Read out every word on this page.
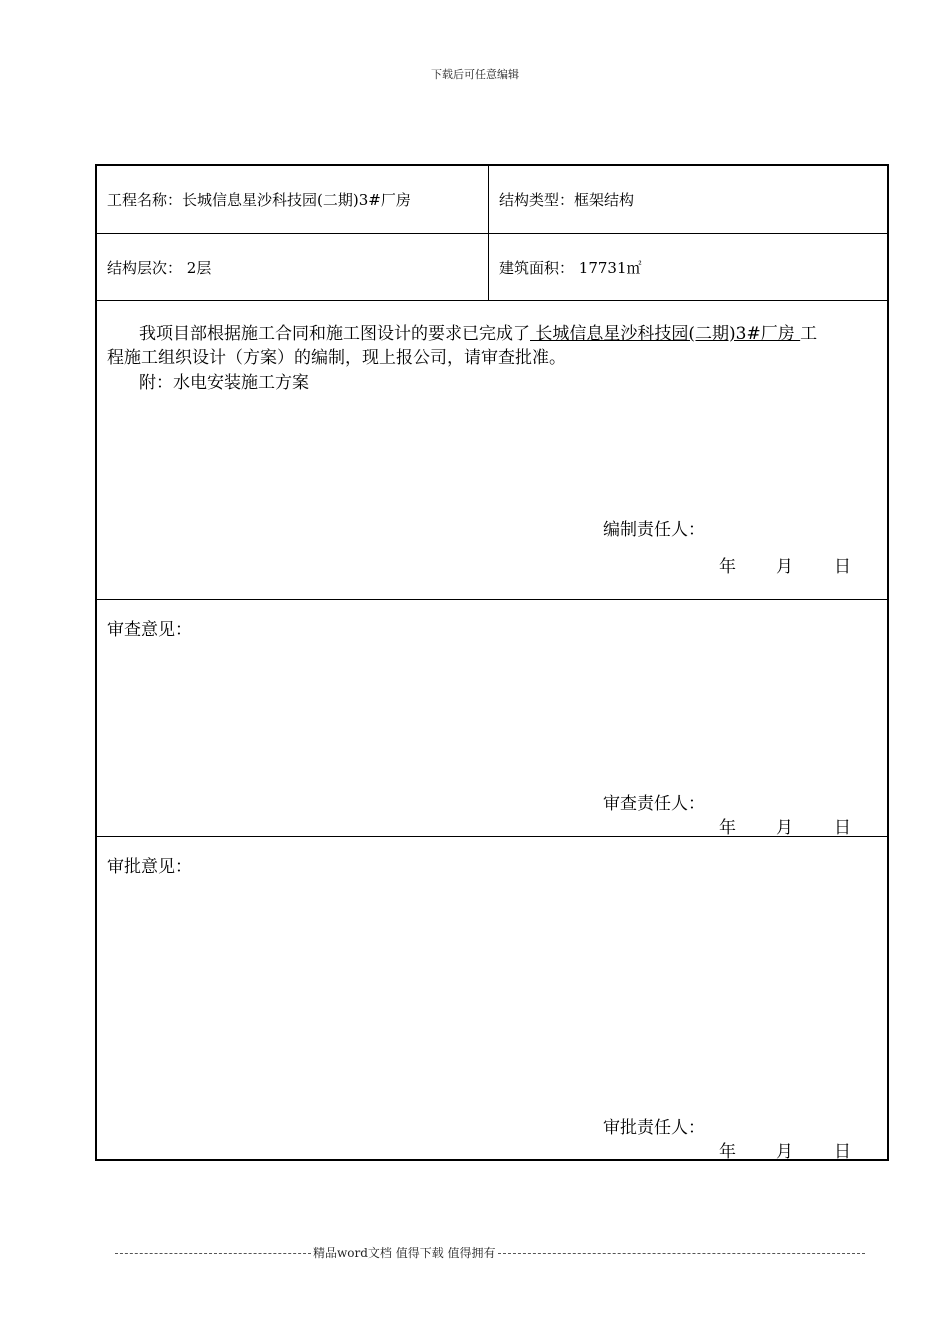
下载后可任意编辑
工程名称： 长城信息星沙科技园(二期)3#厂房	结构类型： 框架结构
结构层次： 2层	建筑面积： 17731㎡
我项目部根据施工合同和施工图设计的要求已完成了 长城信息星沙科技园(二期)3#厂房 工
程施工组织设计（方案）的编制，现上报公司，请审查批准。
附：水电安装施工方案
编制责任人：
年 月 日
审查意见：
审查责任人：
年 月 日
审批意见：
审批责任人：
年 月 日
精品word文档 值得下载 值得拥有
